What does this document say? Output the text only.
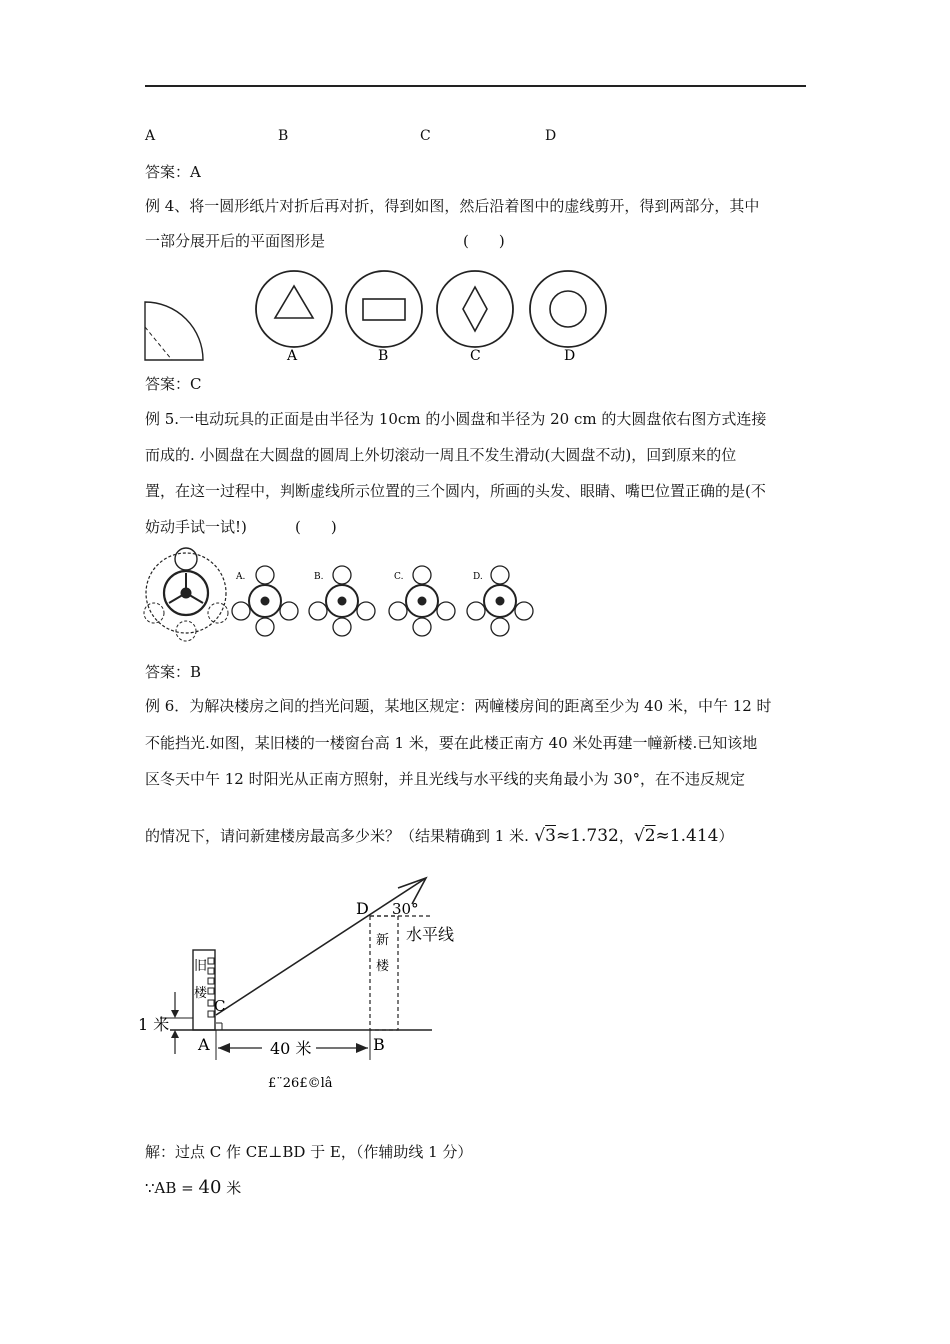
A	B	C	D
答案：A
例 4、将一圆形纸片对折后再对折，得到如图，然后沿着图中的虚线剪开，得到两部分，其中
一部分展开后的平面图形是	(　　)
A	B	C	D
答案：C
例 5.一电动玩具的正面是由半径为 10cm 的小圆盘和半径为 20 cm 的大圆盘依右图方式连接
而成的. 小圆盘在大圆盘的圆周上外切滚动一周且不发生滑动(大圆盘不动)，回到原来的位
置，在这一过程中，判断虚线所示位置的三个圆内，所画的头发、眼睛、嘴巴位置正确的是(不
妨动手试一试!)	(　　)
A.	B.	C.	D.
答案：B
例 6．为解决楼房之间的挡光问题，某地区规定：两幢楼房间的距离至少为 40 米，中午 12 时
不能挡光.如图，某旧楼的一楼窗台高 1 米，要在此楼正南方 40 米处再建一幢新楼.已知该地
区冬天中午 12 时阳光从正南方照射，并且光线与水平线的夹角最小为 30°，在不违反规定
的情况下，请问新建楼房最高多少米？（结果精确到 1 米. √3≈1.732，√2≈1.414）
D 30°
水平线
新
楼
旧
楼
C
1 米
A	40 米	B
£¨26£©lâ
解：过点 C 作 CE⊥BD 于 E，（作辅助线 1 分）
∵AB = 40 米
